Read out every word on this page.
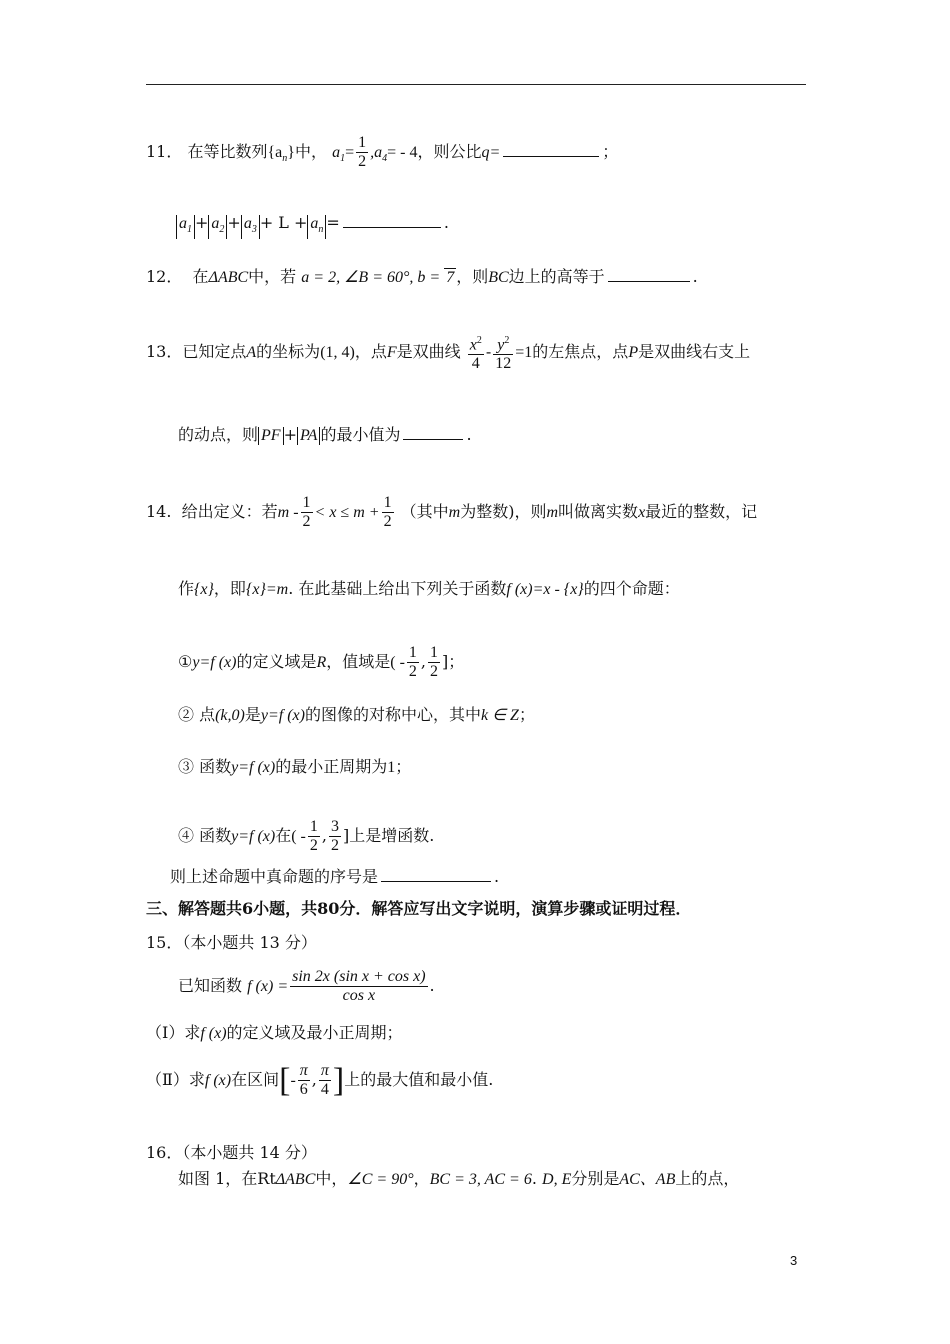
11． 在等比数列$\{a_n\}$中， $a_1= \frac{1}{2} ,a_4= - 4$，则公比q=	；
$a_1 + a_2 + a_3 + L + a_n$ =	.
12． 在ΔABC中，若 a = 2, ∠B = 60°, b = 7 ，则BC边上的高等于	.
13．已知定点A的坐标为(1, 4)，点F是双曲线 $\frac{x^2}{4} - \frac{y^2}{12} =1$的左焦点，点P是双曲线右支上
的动点，则 PF + PA 的最小值为	.
14. 给出定义：若$m - \frac{1}{2} < x \le m + \frac{1}{2}$ （其中m为整数)，则m叫做离实数x最近的整数，记
作{x}，即{x}=m. 在此基础上给出下列关于函数f (x)=x - {x}的四个命题：
①y=f (x)的定义域是R，值域是( - $\frac{1}{2}$ , $\frac{1}{2}$ ]；
② 点(k,0)是y=f (x)的图像的对称中心，其中k ∈ Z；
③ 函数y=f (x)的最小正周期为1；
④ 函数y=f (x)在( - $\frac{1}{2}$ , $\frac{3}{2}$ ]上是增函数.
则上述命题中真命题的序号是	.
三、解答题共6小题，共80分．解答应写出文字说明，演算步骤或证明过程．
15．（本小题共 13 分）
已知函数 f $(x) = \frac{\text{sin 2x (sin x + cos x)}}{\text{cos x}}$ .
（Ⅰ）求f (x)的定义域及最小正周期；
（Ⅱ）求f (x)在区间[- $\frac{\pi}{6}$ , $\frac{\pi}{4}$ ]上的最大值和最小值.
16．（本小题共 14 分）
如图 1，在RtΔABC中，∠C = 90°，BC = 3, AC = 6. D, E分别是AC、AB上的点，
3
